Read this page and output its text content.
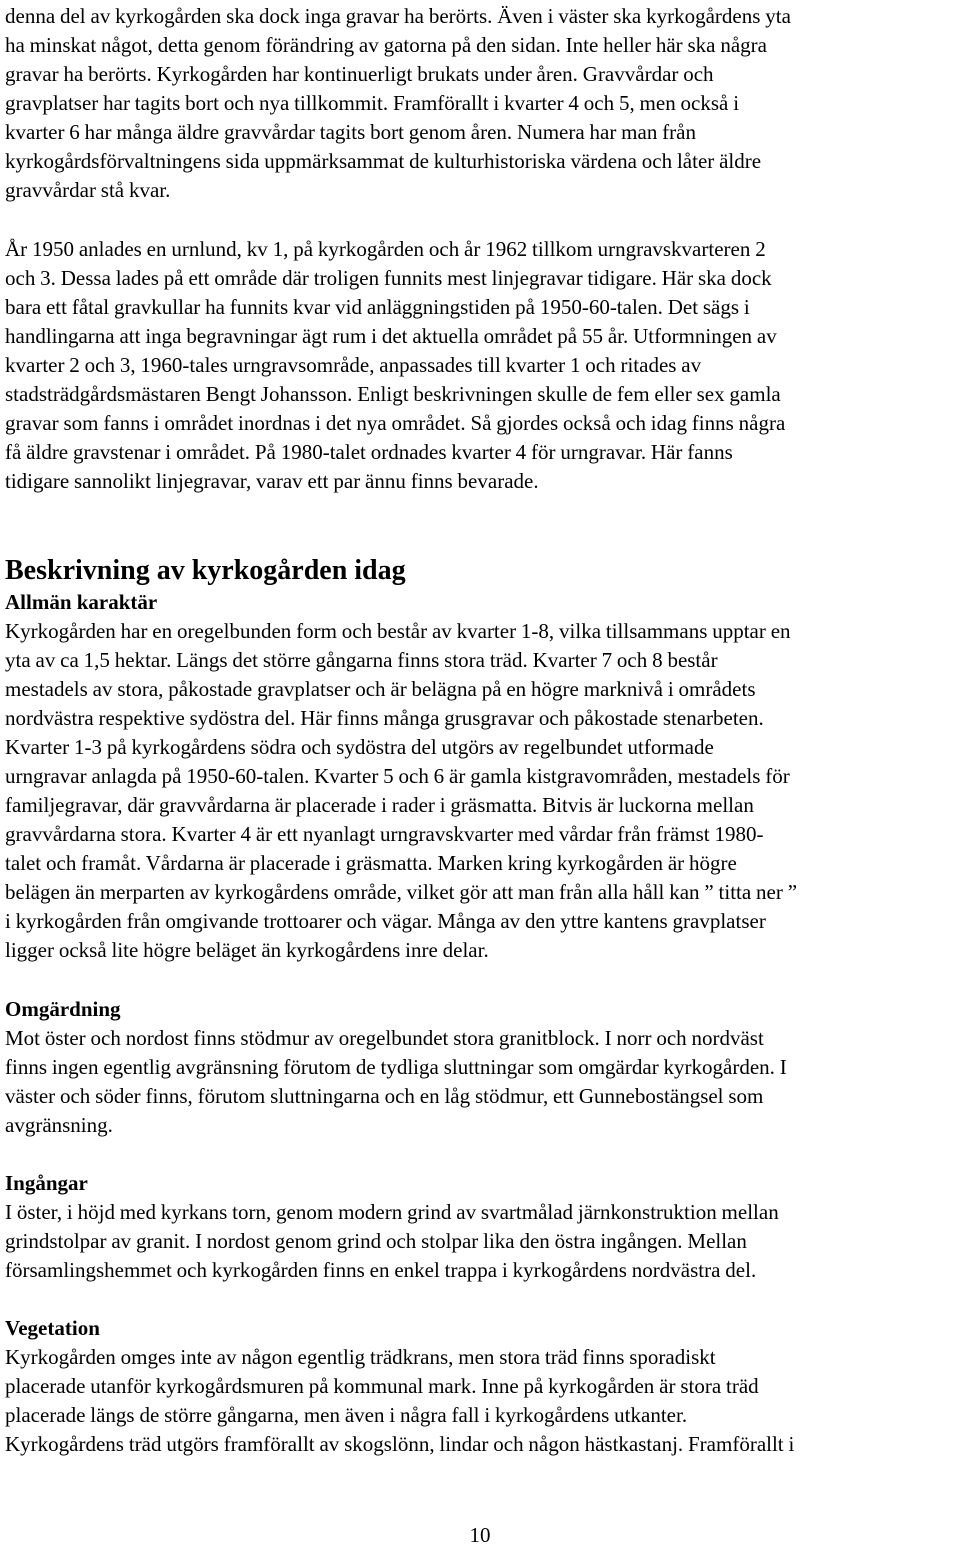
denna del av kyrkogården ska dock inga gravar ha berörts. Även i väster ska kyrkogårdens yta
ha minskat något, detta genom förändring av gatorna på den sidan. Inte heller här ska några
gravar ha berörts. Kyrkogården har kontinuerligt brukats under åren. Gravvårdar och
gravplatser har tagits bort och nya tillkommit. Framförallt i kvarter 4 och 5, men också i
kvarter 6 har många äldre gravvårdar tagits bort genom åren. Numera har man från
kyrkogårdsförvaltningens sida uppmärksammat de kulturhistoriska värdena och låter äldre
gravvårdar stå kvar.

År 1950 anlades en urnlund, kv 1, på kyrkogården och år 1962 tillkom urngravskvarteren 2
och 3. Dessa lades på ett område där troligen funnits mest linjegravar tidigare. Här ska dock
bara ett fåtal gravkullar ha funnits kvar vid anläggningstiden på 1950-60-talen. Det sägs i
handlingarna att inga begravningar ägt rum i det aktuella området på 55 år. Utformningen av
kvarter 2 och 3, 1960-tales urngravsområde, anpassades till kvarter 1 och ritades av
stadsträdgårdsmästaren Bengt Johansson. Enligt beskrivningen skulle de fem eller sex gamla
gravar som fanns i området inordnas i det nya området. Så gjordes också och idag finns några
få äldre gravstenar i området. På 1980-talet ordnades kvarter 4 för urngravar. Här fanns
tidigare sannolikt linjegravar, varav ett par ännu finns bevarade.

Beskrivning av kyrkogården idag
Allmän karaktär

Kyrkogården har en oregelbunden form och består av kvarter 1-8, vilka tillsammans upptar en
yta av ca 1,5 hektar. Längs det större gångarna finns stora träd. Kvarter 7 och 8 består
mestadels av stora, påkostade gravplatser och är belägna på en högre marknivå i områdets
nordvästra respektive sydöstra del. Här finns många grusgravar och påkostade stenarbeten.
Kvarter 1-3 på kyrkogårdens södra och sydöstra del utgörs av regelbundet utformade
urngravar anlagda på 1950-60-talen. Kvarter 5 och 6 är gamla kistgravområden, mestadels för
familjegravar, där gravvårdarna är placerade i rader i gräsmatta. Bitvis är luckorna mellan
gravvårdarna stora. Kvarter 4 är ett nyanlagt urngravskvarter med vårdar från främst 1980-
talet och framåt. Vårdarna är placerade i gräsmatta. Marken kring kyrkogården är högre
belägen än merparten av kyrkogårdens område, vilket gör att man från alla håll kan ” titta ner ”
i kyrkogården från omgivande trottoarer och vägar. Många av den yttre kantens gravplatser
ligger också lite högre beläget än kyrkogårdens inre delar.

Omgärdning

Mot öster och nordost finns stödmur av oregelbundet stora granitblock. I norr och nordväst
finns ingen egentlig avgränsning förutom de tydliga sluttningar som omgärdar kyrkogården. I
väster och söder finns, förutom sluttningarna och en låg stödmur, ett Gunnebostängsel som
avgränsning.

Ingångar

I öster, i höjd med kyrkans torn, genom modern grind av svartmålad järnkonstruktion mellan
grindstolpar av granit. I nordost genom grind och stolpar lika den östra ingången. Mellan
församlingshemmet och kyrkogården finns en enkel trappa i kyrkogårdens nordvästra del.

Vegetation

Kyrkogården omges inte av någon egentlig trädkrans, men stora träd finns sporadiskt
placerade utanför kyrkogårdsmuren på kommunal mark. Inne på kyrkogården är stora träd
placerade längs de större gångarna, men även i några fall i kyrkogårdens utkanter.
Kyrkogårdens träd utgörs framförallt av skogslönn, lindar och någon hästkastanj. Framförallt i

10
